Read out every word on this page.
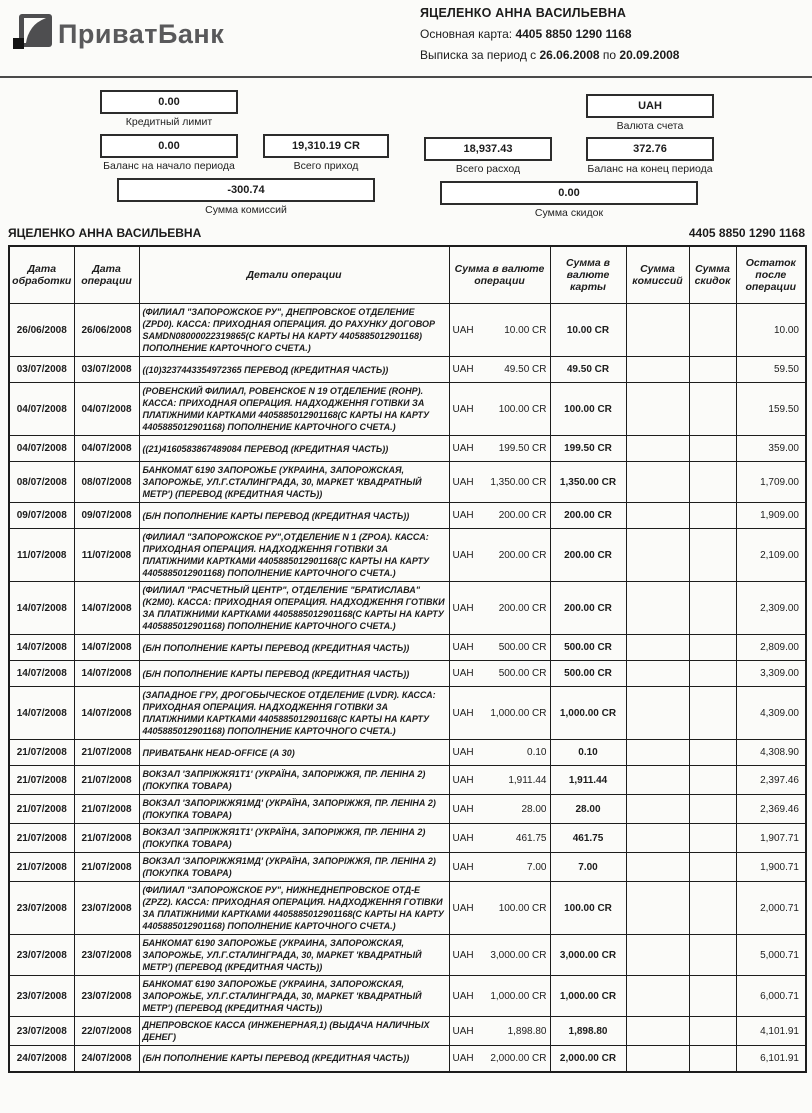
ПриватБанк
ЯЦЕЛЕНКО АННА ВАСИЛЬЕВНА
Основная карта: 4405 8850 1290 1168
Выписка за период с 26.06.2008 по 20.09.2008
0.00
Кредитный лимит
UAH
Валюта счета
0.00
Баланс на начало периода
19,310.19 CR
Всего приход
18,937.43
Всего расход
372.76
Баланс на конец периода
-300.74
Сумма комиссий
0.00
Сумма скидок
ЯЦЕЛЕНКО АННА ВАСИЛЬЕВНА	4405 8850 1290 1168
Дата обработки	Дата операции	Детали операции	Сумма в валюте операции	Сумма в валюте карты	Сумма комиссий	Сумма скидок	Остаток после операции
26/06/2008	26/06/2008	(ФИЛИАЛ "ЗАПОРОЖСКОЕ РУ", ДНЕПРОВСКОЕ ОТДЕЛЕНИЕ (ZPD0). КАССА: ПРИХОДНАЯ ОПЕРАЦИЯ. ДО РАХУНКУ ДОГОВОР SAMDN08000022319865(С КАРТЫ НА КАРТУ 4405885012901168) ПОПОЛНЕНИЕ КАРТОЧНОГО СЧЕТА.)	UAH 10.00 CR	10.00 CR			10.00
03/07/2008	03/07/2008	((10)3237443354972365 ПЕРЕВОД (КРЕДИТНАЯ ЧАСТЬ))	UAH 49.50 CR	49.50 CR			59.50
04/07/2008	04/07/2008	(РОВЕНСКИЙ ФИЛИАЛ, РОВЕНСКОЕ N 19 ОТДЕЛЕНИЕ (ROHP). КАССА: ПРИХОДНАЯ ОПЕРАЦИЯ. НАДХОДЖЕННЯ ГОТІВКИ ЗА ПЛАТІЖНИМИ КАРТКАМИ 4405885012901168(С КАРТЫ НА КАРТУ 4405885012901168) ПОПОЛНЕНИЕ КАРТОЧНОГО СЧЕТА.)	UAH 100.00 CR	100.00 CR			159.50
04/07/2008	04/07/2008	((21)4160583867489084 ПЕРЕВОД (КРЕДИТНАЯ ЧАСТЬ))	UAH 199.50 CR	199.50 CR			359.00
08/07/2008	08/07/2008	БАНКОМАТ 6190 ЗАПОРОЖЬЕ (УКРАИНА, ЗАПОРОЖСКАЯ, ЗАПОРОЖЬЕ, УЛ.Г.СТАЛИНГРАДА, 30, МАРКЕТ 'КВАДРАТНЫЙ МЕТР') (ПЕРЕВОД (КРЕДИТНАЯ ЧАСТЬ))	UAH 1,350.00 CR	1,350.00 CR			1,709.00
09/07/2008	09/07/2008	(Б/Н ПОПОЛНЕНИЕ КАРТЫ ПЕРЕВОД (КРЕДИТНАЯ ЧАСТЬ))	UAH 200.00 CR	200.00 CR			1,909.00
11/07/2008	11/07/2008	(ФИЛИАЛ "ЗАПОРОЖСКОЕ РУ",ОТДЕЛЕНИЕ N 1 (ZPOA). КАССА: ПРИХОДНАЯ ОПЕРАЦИЯ. НАДХОДЖЕННЯ ГОТІВКИ ЗА ПЛАТІЖНИМИ КАРТКАМИ 4405885012901168(С КАРТЫ НА КАРТУ 4405885012901168) ПОПОЛНЕНИЕ КАРТОЧНОГО СЧЕТА.)	UAH 200.00 CR	200.00 CR			2,109.00
14/07/2008	14/07/2008	(ФИЛИАЛ "РАСЧЕТНЫЙ ЦЕНТР", ОТДЕЛЕНИЕ "БРАТИСЛАВА" (K2M0). КАССА: ПРИХОДНАЯ ОПЕРАЦИЯ. НАДХОДЖЕННЯ ГОТІВКИ ЗА ПЛАТІЖНИМИ КАРТКАМИ 4405885012901168(С КАРТЫ НА КАРТУ 4405885012901168) ПОПОЛНЕНИЕ КАРТОЧНОГО СЧЕТА.)	UAH 200.00 CR	200.00 CR			2,309.00
14/07/2008	14/07/2008	(Б/Н ПОПОЛНЕНИЕ КАРТЫ ПЕРЕВОД (КРЕДИТНАЯ ЧАСТЬ))	UAH 500.00 CR	500.00 CR			2,809.00
14/07/2008	14/07/2008	(Б/Н ПОПОЛНЕНИЕ КАРТЫ ПЕРЕВОД (КРЕДИТНАЯ ЧАСТЬ))	UAH 500.00 CR	500.00 CR			3,309.00
14/07/2008	14/07/2008	(ЗАПАДНОЕ ГРУ, ДРОГОБЫЧЕСКОЕ ОТДЕЛЕНИЕ (LVDR). КАССА: ПРИХОДНАЯ ОПЕРАЦИЯ. НАДХОДЖЕННЯ ГОТІВКИ ЗА ПЛАТІЖНИМИ КАРТКАМИ 4405885012901168(С КАРТЫ НА КАРТУ 4405885012901168) ПОПОЛНЕНИЕ КАРТОЧНОГО СЧЕТА.)	UAH 1,000.00 CR	1,000.00 CR			4,309.00
21/07/2008	21/07/2008	ПРИВАТБАНК HEAD-OFFICE (А 30)	UAH 0.10	0.10			4,308.90
21/07/2008	21/07/2008	ВОКЗАЛ 'ЗАПРІЖЖЯ1Т1' (УКРАЇНА, ЗАПОРІЖЖЯ, ПР. ЛЕНІНА 2) (ПОКУПКА ТОВАРА)	UAH 1,911.44	1,911.44			2,397.46
21/07/2008	21/07/2008	ВОКЗАЛ 'ЗАПОРІЖЖЯ1МД' (УКРАЇНА, ЗАПОРІЖЖЯ, ПР. ЛЕНІНА 2) (ПОКУПКА ТОВАРА)	UAH 28.00	28.00			2,369.46
21/07/2008	21/07/2008	ВОКЗАЛ 'ЗАПРІЖЖЯ1Т1' (УКРАЇНА, ЗАПОРІЖЖЯ, ПР. ЛЕНІНА 2) (ПОКУПКА ТОВАРА)	UAH 461.75	461.75			1,907.71
21/07/2008	21/07/2008	ВОКЗАЛ 'ЗАПОРІЖЖЯ1МД' (УКРАЇНА, ЗАПОРІЖЖЯ, ПР. ЛЕНІНА 2) (ПОКУПКА ТОВАРА)	UAH 7.00	7.00			1,900.71
23/07/2008	23/07/2008	(ФИЛИАЛ "ЗАПОРОЖСКОЕ РУ", НИЖНЕДНЕПРОВСКОЕ ОТД-Е (ZPZ2). КАССА: ПРИХОДНАЯ ОПЕРАЦИЯ. НАДХОДЖЕННЯ ГОТІВКИ ЗА ПЛАТІЖНИМИ КАРТКАМИ 4405885012901168(С КАРТЫ НА КАРТУ 4405885012901168) ПОПОЛНЕНИЕ КАРТОЧНОГО СЧЕТА.)	UAH 100.00 CR	100.00 CR			2,000.71
23/07/2008	23/07/2008	БАНКОМАТ 6190 ЗАПОРОЖЬЕ (УКРАИНА, ЗАПОРОЖСКАЯ, ЗАПОРОЖЬЕ, УЛ.Г.СТАЛИНГРАДА, 30, МАРКЕТ 'КВАДРАТНЫЙ МЕТР') (ПЕРЕВОД (КРЕДИТНАЯ ЧАСТЬ))	UAH 3,000.00 CR	3,000.00 CR			5,000.71
23/07/2008	23/07/2008	БАНКОМАТ 6190 ЗАПОРОЖЬЕ (УКРАИНА, ЗАПОРОЖСКАЯ, ЗАПОРОЖЬЕ, УЛ.Г.СТАЛИНГРАДА, 30, МАРКЕТ 'КВАДРАТНЫЙ МЕТР') (ПЕРЕВОД (КРЕДИТНАЯ ЧАСТЬ))	UAH 1,000.00 CR	1,000.00 CR			6,000.71
23/07/2008	22/07/2008	ДНЕПРОВСКОЕ КАССА (ИНЖЕНЕРНАЯ,1) (ВЫДАЧА НАЛИЧНЫХ ДЕНЕГ)	UAH 1,898.80	1,898.80			4,101.91
24/07/2008	24/07/2008	(Б/Н ПОПОЛНЕНИЕ КАРТЫ ПЕРЕВОД (КРЕДИТНАЯ ЧАСТЬ))	UAH 2,000.00 CR	2,000.00 CR			6,101.91
